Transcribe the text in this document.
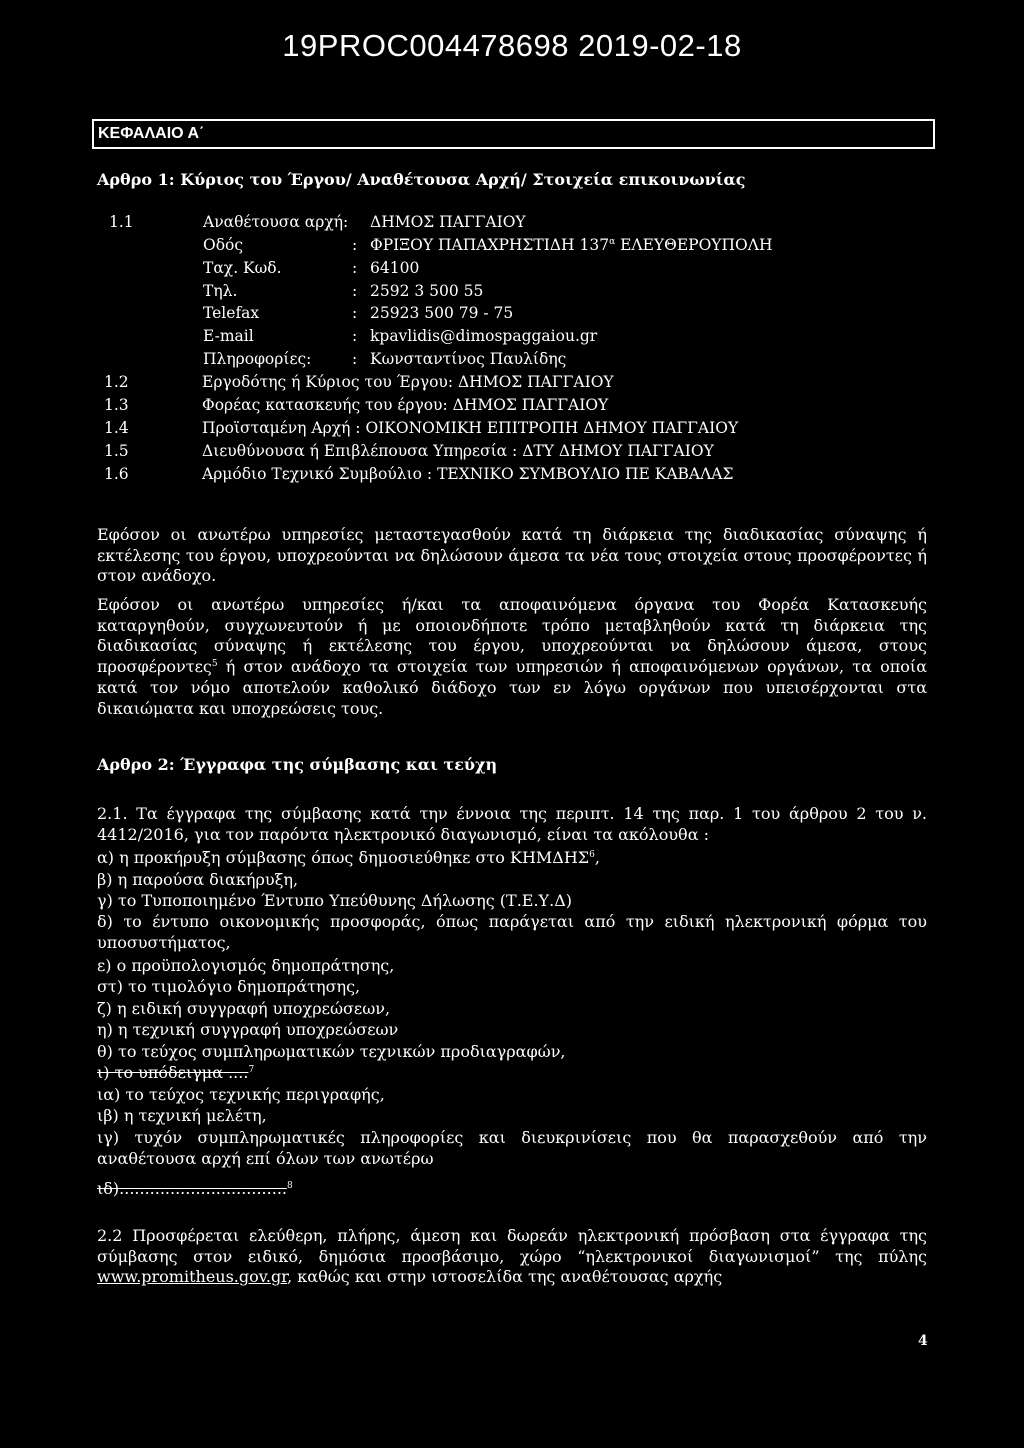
19PROC004478698 2019-02-18
ΚΕΦΑΛΑΙΟ Α΄
Αρθρο 1: Κύριος του Έργου/ Αναθέτουσα Αρχή/ Στοιχεία επικοινωνίας
1.1	Αναθέτουσα αρχή: ΔΗΜΟΣ ΠΑΓΓΑΙΟΥ
Οδός	: ΦΡΙΞΟΥ ΠΑΠΑΧΡΗΣΤΙΔΗ $137^\alpha$ ΕΛΕΥΘΕΡΟΥΠΟΛΗ
Ταχ. Κωδ.	: 64100
Τηλ.	: 2592 3 500 55
Telefax	: 25923 500 79 - 75
E-mail	: kpavlidis@dimospaggaiou.gr
Πληροφορίες:	: Κωνσταντίνος Παυλίδης
1.2	Εργοδότης ή Κύριος του Έργου: ΔΗΜΟΣ ΠΑΓΓΑΙΟΥ
1.3	Φορέας κατασκευής του έργου: ΔΗΜΟΣ ΠΑΓΓΑΙΟΥ
1.4	Προϊσταμένη Αρχή : ΟΙΚΟΝΟΜΙΚΗ ΕΠΙΤΡΟΠΗ ΔΗΜΟΥ ΠΑΓΓΑΙΟΥ
1.5	Διευθύνουσα ή Επιβλέπουσα Υπηρεσία : ΔΤΥ ΔΗΜΟΥ ΠΑΓΓΑΙΟΥ
1.6	Αρμόδιο Τεχνικό Συμβούλιο : ΤΕΧΝΙΚΟ ΣΥΜΒΟΥΛΙΟ ΠΕ ΚΑΒΑΛΑΣ

Εφόσον οι ανωτέρω υπηρεσίες μεταστεγασθούν κατά τη διάρκεια της διαδικασίας σύναψης ή

εκτέλεσης του έργου, υποχρεούνται να δηλώσουν άμεσα τα νέα τους στοιχεία στους προσφέροντες ή

στον ανάδοχο.

Εφόσον οι ανωτέρω υπηρεσίες ή/και τα αποφαινόμενα όργανα του Φορέα Κατασκευής

καταργηθούν, συγχωνευτούν ή με οποιονδήποτε τρόπο μεταβληθούν κατά τη διάρκεια της

διαδικασίας σύναψης ή εκτέλεσης του έργου, υποχρεούνται να δηλώσουν άμεσα, στους

προσφέροντες$^5$ ή στον ανάδοχο τα στοιχεία των υπηρεσιών ή αποφαινόμενων οργάνων, τα οποία

κατά τον νόμο αποτελούν καθολικό διάδοχο των εν λόγω οργάνων που υπεισέρχονται στα

δικαιώματα και υποχρεώσεις τους.

Αρθρο 2: Έγγραφα της σύμβασης και τεύχη

2.1. Τα έγγραφα της σύμβασης κατά την έννοια της περιπτ. 14 της παρ. 1 του άρθρου 2 του ν.

4412/2016, για τον παρόντα ηλεκτρονικό διαγωνισμό, είναι τα ακόλουθα :

α) η προκήρυξη σύμβασης όπως δημοσιεύθηκε στο ΚΗΜΔΗΣ$^6$,
β) η παρούσα διακήρυξη,
γ) το Τυποποιημένο Έντυπο Υπεύθυνης Δήλωσης (Τ.Ε.Υ.Δ)

δ) το έντυπο οικονομικής προσφοράς, όπως παράγεται από την ειδική ηλεκτρονική φόρμα του

υποσυστήματος,

ε) ο προϋπολογισμός δημοπράτησης,
στ) το τιμολόγιο δημοπράτησης,
ζ) η ειδική συγγραφή υποχρεώσεων,
η) η τεχνική συγγραφή υποχρεώσεων
θ) το τεύχος συμπληρωματικών τεχνικών προδιαγραφών,
ι) το υπόδειγμα ....$^7$
ια) το τεύχος τεχνικής περιγραφής,
ιβ) η τεχνική μελέτη,

ιγ) τυχόν συμπληρωματικές πληροφορίες και διευκρινίσεις που θα παρασχεθούν από την

αναθέτουσα αρχή επί όλων των ανωτέρω

ιδ).................................$^8$

2.2 Προσφέρεται ελεύθερη, πλήρης, άμεση και δωρεάν ηλεκτρονική πρόσβαση στα έγγραφα της

σύμβασης στον ειδικό, δημόσια προσβάσιμο, χώρο “ηλεκτρονικοί διαγωνισμοί” της πύλης

www.promitheus.gov.gr, καθώς και στην ιστοσελίδα της αναθέτουσας αρχής

4
